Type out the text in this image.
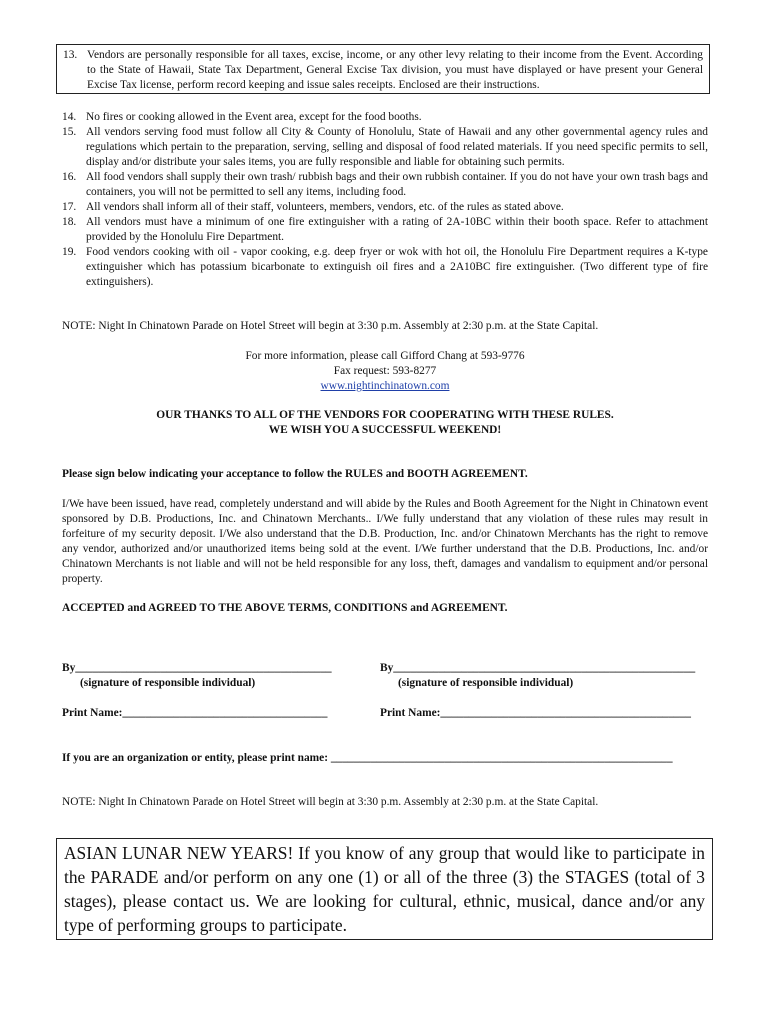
13. Vendors are personally responsible for all taxes, excise, income, or any other levy relating to their income from the Event. According to the State of Hawaii, State Tax Department, General Excise Tax division, you must have displayed or have present your General Excise Tax license, perform record keeping and issue sales receipts. Enclosed are their instructions.
14. No fires or cooking allowed in the Event area, except for the food booths.
15. All vendors serving food must follow all City & County of Honolulu, State of Hawaii and any other governmental agency rules and regulations which pertain to the preparation, serving, selling and disposal of food related materials. If you need specific permits to sell, display and/or distribute your sales items, you are fully responsible and liable for obtaining such permits.
16. All food vendors shall supply their own trash/ rubbish bags and their own rubbish container. If you do not have your own trash bags and containers, you will not be permitted to sell any items, including food.
17. All vendors shall inform all of their staff, volunteers, members, vendors, etc. of the rules as stated above.
18. All vendors must have a minimum of one fire extinguisher with a rating of 2A-10BC within their booth space. Refer to attachment provided by the Honolulu Fire Department.
19. Food vendors cooking with oil - vapor cooking, e.g. deep fryer or wok with hot oil, the Honolulu Fire Department requires a K-type extinguisher which has potassium bicarbonate to extinguish oil fires and a 2A10BC fire extinguisher. (Two different type of fire extinguishers).
NOTE: Night In Chinatown Parade on Hotel Street will begin at 3:30 p.m. Assembly at 2:30 p.m. at the State Capital.
For more information, please call Gifford Chang at 593-9776
Fax request: 593-8277
www.nightinchinatown.com
OUR THANKS TO ALL OF THE VENDORS FOR COOPERATING WITH THESE RULES.
WE WISH YOU A SUCCESSFUL WEEKEND!
Please sign below indicating your acceptance to follow the RULES and BOOTH AGREEMENT.
I/We have been issued, have read, completely understand and will abide by the Rules and Booth Agreement for the Night in Chinatown event sponsored by D.B. Productions, Inc. and Chinatown Merchants.. I/We fully understand that any violation of these rules may result in forfeiture of my security deposit. I/We also understand that the D.B. Production, Inc. and/or Chinatown Merchants has the right to remove any vendor, authorized and/or unauthorized items being sold at the event. I/We further understand that the D.B. Productions, Inc. and/or Chinatown Merchants is not liable and will not be held responsible for any loss, theft, damages and vandalism to equipment and/or personal property.
ACCEPTED and AGREED TO THE ABOVE TERMS, CONDITIONS and AGREEMENT.
By_____________________________________________
(signature of responsible individual)
By_____________________________________________________
(signature of responsible individual)
Print Name:____________________________________	Print Name:____________________________________________
If you are an organization or entity, please print name: ____________________________________________________________
NOTE: Night In Chinatown Parade on Hotel Street will begin at 3:30 p.m. Assembly at 2:30 p.m. at the State Capital.
ASIAN LUNAR NEW YEARS! If you know of any group that would like to participate in the PARADE and/or perform on any one (1) or all of the three (3) the STAGES (total of 3 stages), please contact us. We are looking for cultural, ethnic, musical, dance and/or any type of performing groups to participate.
